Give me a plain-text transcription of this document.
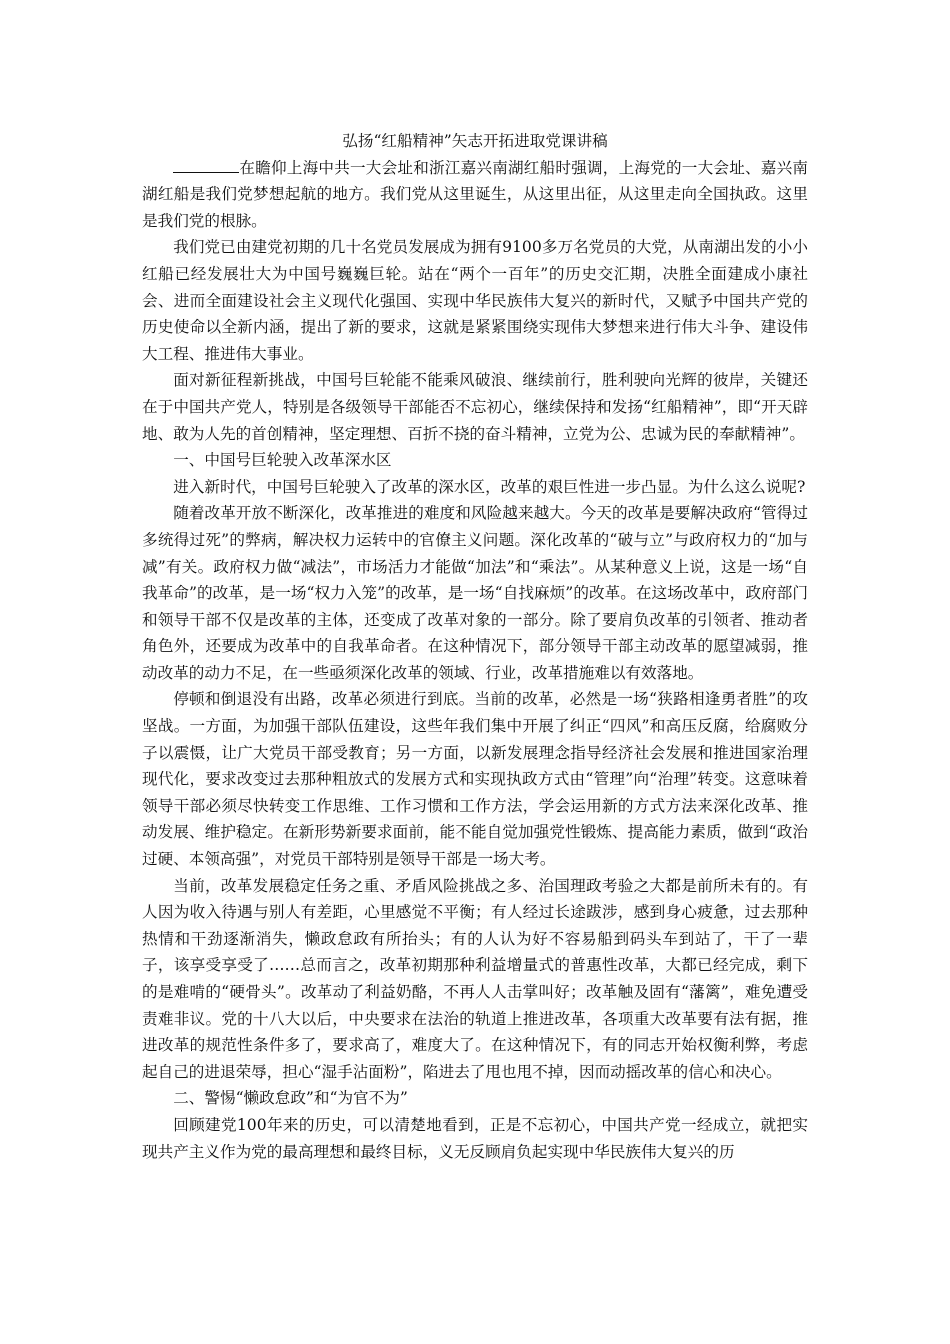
弘扬“红船精神”矢志开拓进取党课讲稿

在瞻仰上海中共一大会址和浙江嘉兴南湖红船时强调，上海党的一大会址、嘉兴南湖红船是我们党梦想起航的地方。我们党从这里诞生，从这里出征，从这里走向全国执政。这里是我们党的根脉。

我们党已由建党初期的几十名党员发展成为拥有9100多万名党员的大党，从南湖出发的小小红船已经发展壮大为中国号巍巍巨轮。站在“两个一百年”的历史交汇期，决胜全面建成小康社会、进而全面建设社会主义现代化强国、实现中华民族伟大复兴的新时代，又赋予中国共产党的历史使命以全新内涵，提出了新的要求，这就是紧紧围绕实现伟大梦想来进行伟大斗争、建设伟大工程、推进伟大事业。

面对新征程新挑战，中国号巨轮能不能乘风破浪、继续前行，胜利驶向光辉的彼岸，关键还在于中国共产党人，特别是各级领导干部能否不忘初心，继续保持和发扬“红船精神”，即“开天辟地、敢为人先的首创精神，坚定理想、百折不挠的奋斗精神，立党为公、忠诚为民的奉献精神”。

一、中国号巨轮驶入改革深水区

进入新时代，中国号巨轮驶入了改革的深水区，改革的艰巨性进一步凸显。为什么这么说呢?

随着改革开放不断深化，改革推进的难度和风险越来越大。今天的改革是要解决政府“管得过多统得过死”的弊病，解决权力运转中的官僚主义问题。深化改革的“破与立”与政府权力的“加与减”有关。政府权力做“减法”，市场活力才能做“加法”和“乘法”。从某种意义上说，这是一场“自我革命”的改革，是一场“权力入笼”的改革，是一场“自找麻烦”的改革。在这场改革中，政府部门和领导干部不仅是改革的主体，还变成了改革对象的一部分。除了要肩负改革的引领者、推动者角色外，还要成为改革中的自我革命者。在这种情况下，部分领导干部主动改革的愿望减弱，推动改革的动力不足，在一些亟须深化改革的领域、行业，改革措施难以有效落地。

停顿和倒退没有出路，改革必须进行到底。当前的改革，必然是一场“狭路相逢勇者胜”的攻坚战。一方面，为加强干部队伍建设，这些年我们集中开展了纠正“四风”和高压反腐，给腐败分子以震慑，让广大党员干部受教育；另一方面，以新发展理念指导经济社会发展和推进国家治理现代化，要求改变过去那种粗放式的发展方式和实现执政方式由“管理”向“治理”转变。这意味着领导干部必须尽快转变工作思维、工作习惯和工作方法，学会运用新的方式方法来深化改革、推动发展、维护稳定。在新形势新要求面前，能不能自觉加强党性锻炼、提高能力素质，做到“政治过硬、本领高强”，对党员干部特别是领导干部是一场大考。

当前，改革发展稳定任务之重、矛盾风险挑战之多、治国理政考验之大都是前所未有的。有人因为收入待遇与别人有差距，心里感觉不平衡；有人经过长途跋涉，感到身心疲惫，过去那种热情和干劲逐渐消失，懒政怠政有所抬头；有的人认为好不容易船到码头车到站了，干了一辈子，该享受享受了……总而言之，改革初期那种利益增量式的普惠性改革，大都已经完成，剩下的是难啃的“硬骨头”。改革动了利益奶酪，不再人人击掌叫好；改革触及固有“藩篱”，难免遭受责难非议。党的十八大以后，中央要求在法治的轨道上推进改革，各项重大改革要有法有据，推进改革的规范性条件多了，要求高了，难度大了。在这种情况下，有的同志开始权衡利弊，考虑起自己的进退荣辱，担心“湿手沾面粉”，陷进去了甩也甩不掉，因而动摇改革的信心和决心。

二、警惕“懒政怠政”和“为官不为”

回顾建党100年来的历史，可以清楚地看到，正是不忘初心，中国共产党一经成立，就把实现共产主义作为党的最高理想和最终目标，义无反顾肩负起实现中华民族伟大复兴的历
